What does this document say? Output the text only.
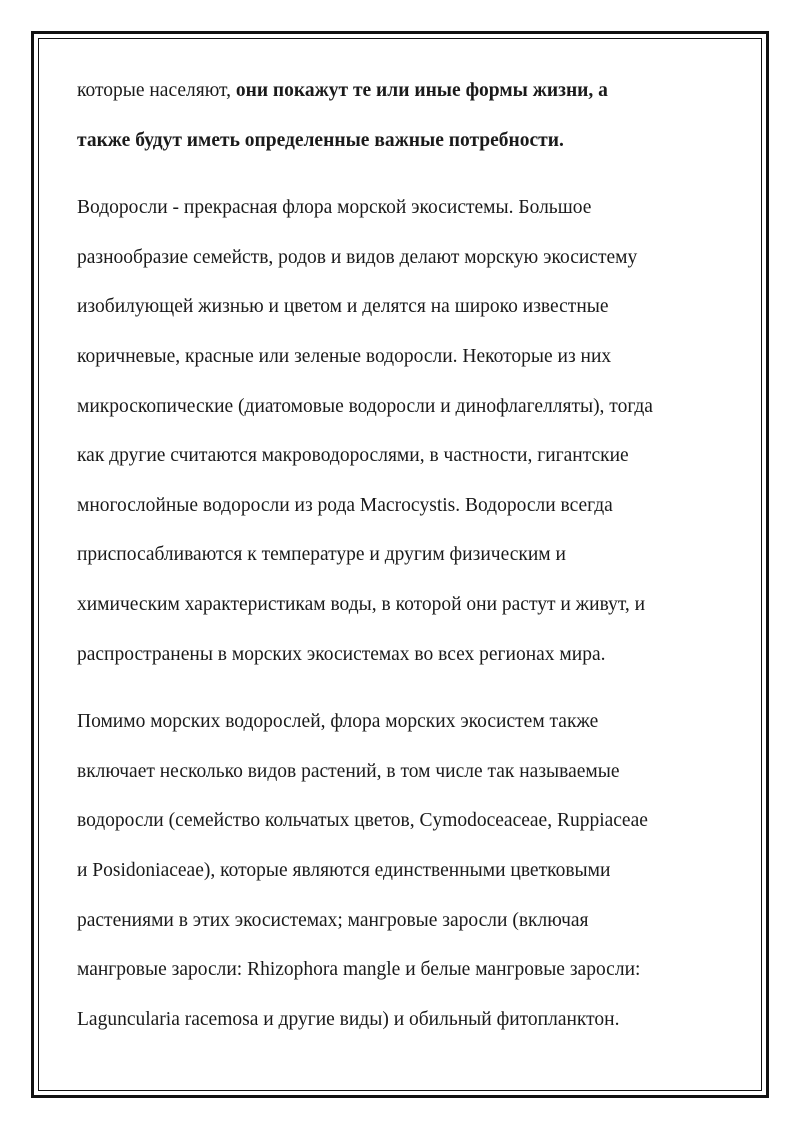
которые населяют, они покажут те или иные формы жизни, а
также будут иметь определенные важные потребности.

Водоросли - прекрасная флора морской экосистемы. Большое
разнообразие семейств, родов и видов делают морскую экосистему
изобилующей жизнью и цветом и делятся на широко известные
коричневые, красные или зеленые водоросли. Некоторые из них
микроскопические (диатомовые водоросли и динофлагелляты), тогда
как другие считаются макроводорослями, в частности, гигантские
многослойные водоросли из рода Macrocystis. Водоросли всегда
приспосабливаются к температуре и другим физическим и
химическим характеристикам воды, в которой они растут и живут, и
распространены в морских экосистемах во всех регионах мира.

Помимо морских водорослей, флора морских экосистем также
включает несколько видов растений, в том числе так называемые
водоросли (семейство кольчатых цветов, Cymodoceaceae, Ruppiaceae
и Posidoniaceae), которые являются единственными цветковыми
растениями в этих экосистемах; мангровые заросли (включая
мангровые заросли: Rhizophora mangle и белые мангровые заросли:
Laguncularia racemosa и другие виды) и обильный фитопланктон.
